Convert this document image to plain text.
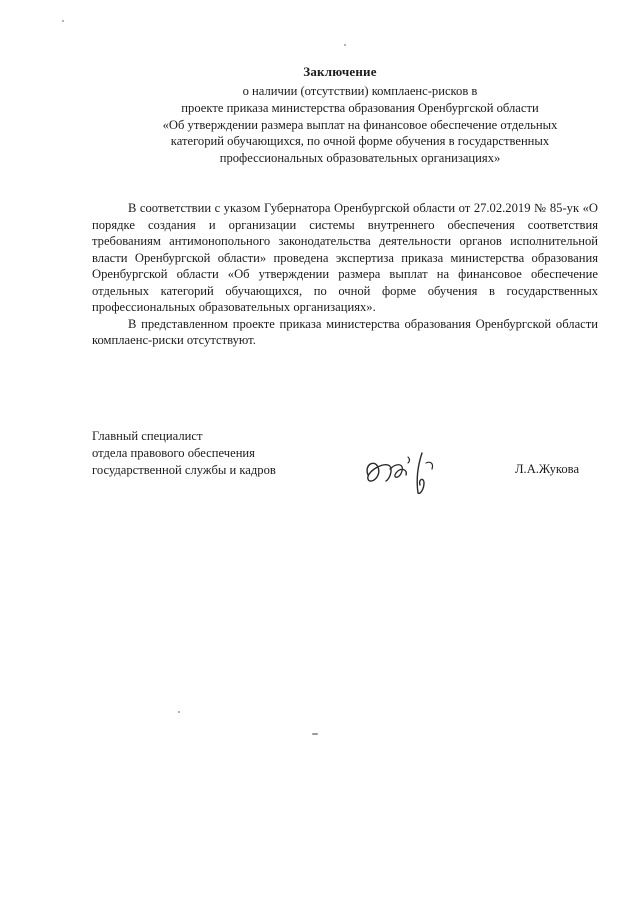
Заключение
о наличии (отсутствии) комплаенс-рисков в
проекте приказа министерства образования Оренбургской области
«Об утверждении размера выплат на финансовое обеспечение отдельных
категорий обучающихся, по очной форме обучения в государственных
профессиональных образовательных организациях»

В соответствии с указом Губернатора Оренбургской области от 27.02.2019 № 85-ук «О порядке создания и организации системы внутреннего обеспечения соответствия требованиям антимонопольного законодательства деятельности органов исполнительной власти Оренбургской области» проведена экспертиза приказа министерства образования Оренбургской области «Об утверждении размера выплат на финансовое обеспечение отдельных категорий обучающихся, по очной форме обучения в государственных профессиональных образовательных организациях».

В представленном проекте приказа министерства образования Оренбургской области комплаенс-риски отсутствуют.

Главный специалист
отдела правового обеспечения
государственной службы и кадров	Л.А.Жукова
